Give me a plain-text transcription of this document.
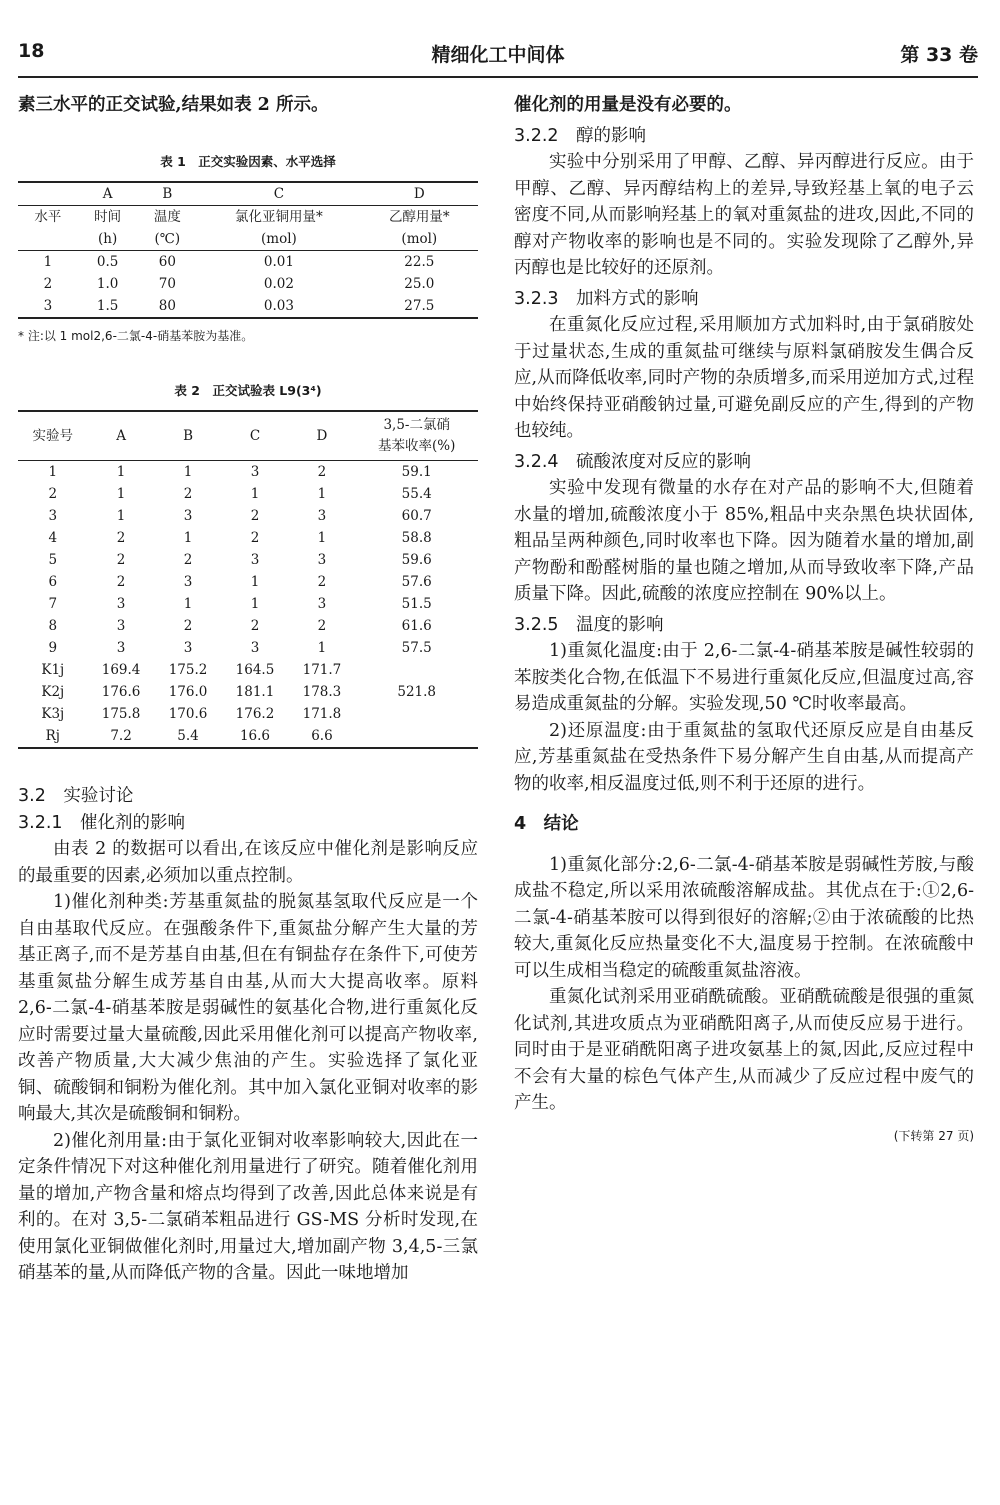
18	精细化工中间体	第 33 卷

素三水平的正交试验,结果如表 2 所示。

表 1　正交实验因素、水平选择
	A	B	C	D
水平	时间	温度	氯化亚铜用量*	乙醇用量*
	(h)	(℃)	(mol)	(mol)
1	0.5	60	0.01	22.5
2	1.0	70	0.02	25.0
3	1.5	80	0.03	27.5
* 注:以 1 mol2,6-二氯-4-硝基苯胺为基准。
表 2　正交试验表 L9(3⁴)
实验号	A	B	C	D	3,5-二氯硝
基苯收率(%)

1	1	1	3	2	59.1
2	1	2	1	1	55.4
3	1	3	2	3	60.7
4	2	1	2	1	58.8
5	2	2	3	3	59.6
6	2	3	1	2	57.6
7	3	1	1	3	51.5
8	3	2	2	2	61.6
9	3	3	3	1	57.5
K1j	169.4	175.2	164.5	171.7	
K2j	176.6	176.0	181.1	178.3	521.8
K3j	175.8	170.6	176.2	171.8	
Rj	7.2	5.4	16.6	6.6	

3.2　实验讨论

3.2.1　催化剂的影响

由表 2 的数据可以看出,在该反应中催化剂是影响反应的最重要的因素,必须加以重点控制。

1)催化剂种类:芳基重氮盐的脱氮基氢取代反应是一个自由基取代反应。在强酸条件下,重氮盐分解产生大量的芳基正离子,而不是芳基自由基,但在有铜盐存在条件下,可使芳基重氮盐分解生成芳基自由基,从而大大提高收率。原料 2,6-二氯-4-硝基苯胺是弱碱性的氨基化合物,进行重氮化反应时需要过量大量硫酸,因此采用催化剂可以提高产物收率,改善产物质量,大大减少焦油的产生。实验选择了氯化亚铜、硫酸铜和铜粉为催化剂。其中加入氯化亚铜对收率的影响最大,其次是硫酸铜和铜粉。

2)催化剂用量:由于氯化亚铜对收率影响较大,因此在一定条件情况下对这种催化剂用量进行了研究。随着催化剂用量的增加,产物含量和熔点均得到了改善,因此总体来说是有利的。在对 3,5-二氯硝苯粗品进行 GS-MS 分析时发现,在使用氯化亚铜做催化剂时,用量过大,增加副产物 3,4,5-三氯硝基苯的量,从而降低产物的含量。因此一味地增加

催化剂的用量是没有必要的。

3.2.2　醇的影响

实验中分别采用了甲醇、乙醇、异丙醇进行反应。由于甲醇、乙醇、异丙醇结构上的差异,导致羟基上氧的电子云密度不同,从而影响羟基上的氧对重氮盐的进攻,因此,不同的醇对产物收率的影响也是不同的。实验发现除了乙醇外,异丙醇也是比较好的还原剂。

3.2.3　加料方式的影响

在重氮化反应过程,采用顺加方式加料时,由于氯硝胺处于过量状态,生成的重氮盐可继续与原料氯硝胺发生偶合反应,从而降低收率,同时产物的杂质增多,而采用逆加方式,过程中始终保持亚硝酸钠过量,可避免副反应的产生,得到的产物也较纯。

3.2.4　硫酸浓度对反应的影响

实验中发现有微量的水存在对产品的影响不大,但随着水量的增加,硫酸浓度小于 85%,粗品中夹杂黑色块状固体,粗品呈两种颜色,同时收率也下降。因为随着水量的增加,副产物酚和酚醛树脂的量也随之增加,从而导致收率下降,产品质量下降。因此,硫酸的浓度应控制在 90%以上。

3.2.5　温度的影响

1)重氮化温度:由于 2,6-二氯-4-硝基苯胺是碱性较弱的苯胺类化合物,在低温下不易进行重氮化反应,但温度过高,容易造成重氮盐的分解。实验发现,50 ℃时收率最高。

2)还原温度:由于重氮盐的氢取代还原反应是自由基反应,芳基重氮盐在受热条件下易分解产生自由基,从而提高产物的收率,相反温度过低,则不利于还原的进行。

4　结论

1)重氮化部分:2,6-二氯-4-硝基苯胺是弱碱性芳胺,与酸成盐不稳定,所以采用浓硫酸溶解成盐。其优点在于:①2,6-二氯-4-硝基苯胺可以得到很好的溶解;②由于浓硫酸的比热较大,重氮化反应热量变化不大,温度易于控制。在浓硫酸中可以生成相当稳定的硫酸重氮盐溶液。

重氮化试剂采用亚硝酰硫酸。亚硝酰硫酸是很强的重氮化试剂,其进攻质点为亚硝酰阳离子,从而使反应易于进行。同时由于是亚硝酰阳离子进攻氨基上的氮,因此,反应过程中不会有大量的棕色气体产生,从而减少了反应过程中废气的产生。

(下转第 27 页)
